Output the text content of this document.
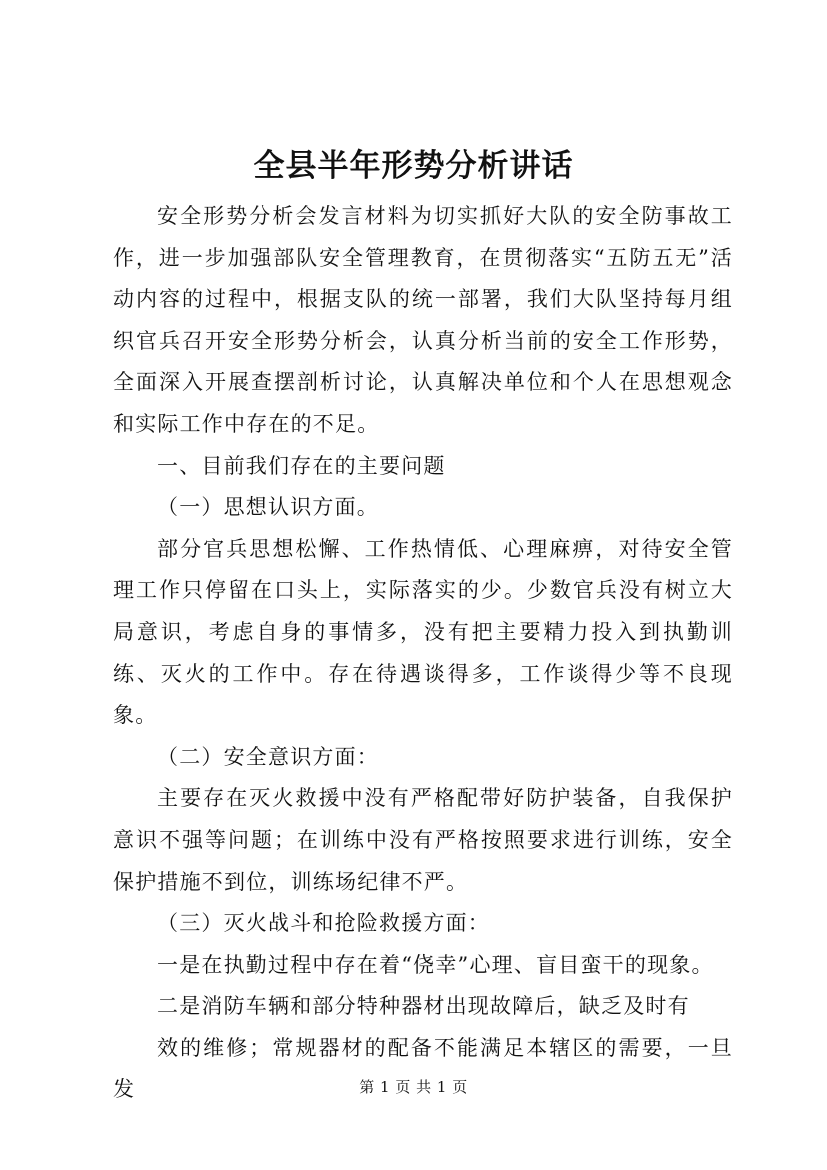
全县半年形势分析讲话

安全形势分析会发言材料为切实抓好大队的安全防事故工作，进一步加强部队安全管理教育，在贯彻落实“五防五无”活动内容的过程中，根据支队的统一部署，我们大队坚持每月组织官兵召开安全形势分析会，认真分析当前的安全工作形势，全面深入开展查摆剖析讨论，认真解决单位和个人在思想观念和实际工作中存在的不足。

一、目前我们存在的主要问题

（一）思想认识方面。

部分官兵思想松懈、工作热情低、心理麻痹，对待安全管理工作只停留在口头上，实际落实的少。少数官兵没有树立大局意识，考虑自身的事情多，没有把主要精力投入到执勤训练、灭火的工作中。存在待遇谈得多，工作谈得少等不良现象。

（二）安全意识方面：

主要存在灭火救援中没有严格配带好防护装备，自我保护意识不强等问题；在训练中没有严格按照要求进行训练，安全保护措施不到位，训练场纪律不严。

（三）灭火战斗和抢险救援方面：

一是在执勤过程中存在着“侥幸”心理、盲目蛮干的现象。

二是消防车辆和部分特种器材出现故障后，缺乏及时有

效的维修；常规器材的配备不能满足本辖区的需要，一旦发	第 1 页 共 1 页
